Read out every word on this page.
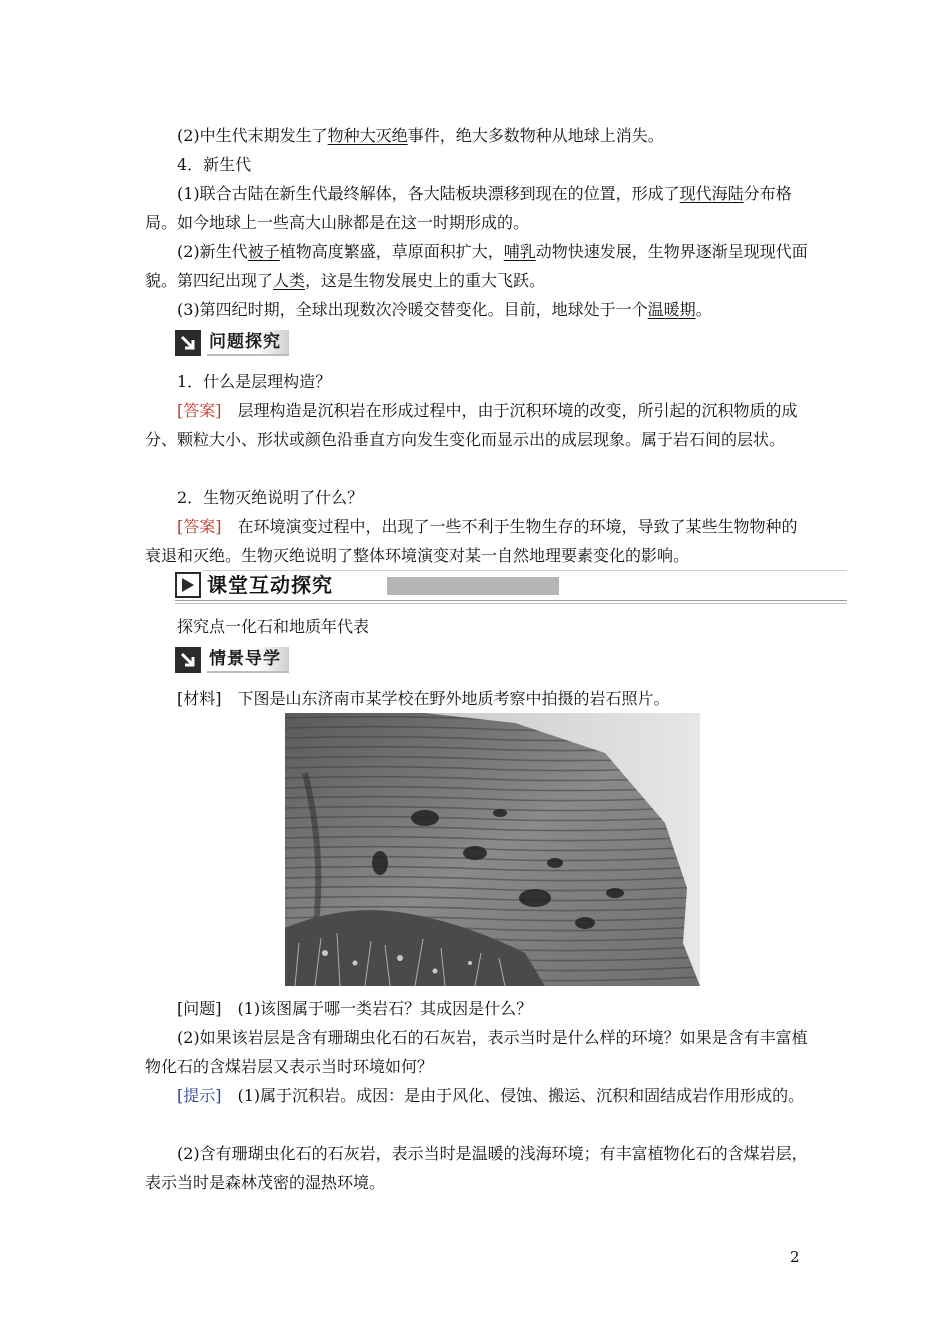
(2)中生代末期发生了物种大灭绝事件，绝大多数物种从地球上消失。

4．新生代

(1)联合古陆在新生代最终解体，各大陆板块漂移到现在的位置，形成了现代海陆分布格局。如今地球上一些高大山脉都是在这一时期形成的。

(2)新生代被子植物高度繁盛，草原面积扩大，哺乳动物快速发展，生物界逐渐呈现现代面貌。第四纪出现了人类，这是生物发展史上的重大飞跃。

(3)第四纪时期，全球出现数次冷暖交替变化。目前，地球处于一个温暖期。

问题探究

1．什么是层理构造？

[答案] 层理构造是沉积岩在形成过程中，由于沉积环境的改变，所引起的沉积物质的成分、颗粒大小、形状或颜色沿垂直方向发生变化而显示出的成层现象。属于岩石间的层状。

2．生物灭绝说明了什么？

[答案] 在环境演变过程中，出现了一些不利于生物生存的环境，导致了某些生物物种的衰退和灭绝。生物灭绝说明了整体环境演变对某一自然地理要素变化的影响。

课堂互动探究

探究点一化石和地质年代表

情景导学

[材料] 下图是山东济南市某学校在野外地质考察中拍摄的岩石照片。

[问题] (1)该图属于哪一类岩石？其成因是什么？

(2)如果该岩层是含有珊瑚虫化石的石灰岩，表示当时是什么样的环境？如果是含有丰富植物化石的含煤岩层又表示当时环境如何？

[提示] (1)属于沉积岩。成因：是由于风化、侵蚀、搬运、沉积和固结成岩作用形成的。

(2)含有珊瑚虫化石的石灰岩，表示当时是温暖的浅海环境；有丰富植物化石的含煤岩层，表示当时是森林茂密的湿热环境。

2
